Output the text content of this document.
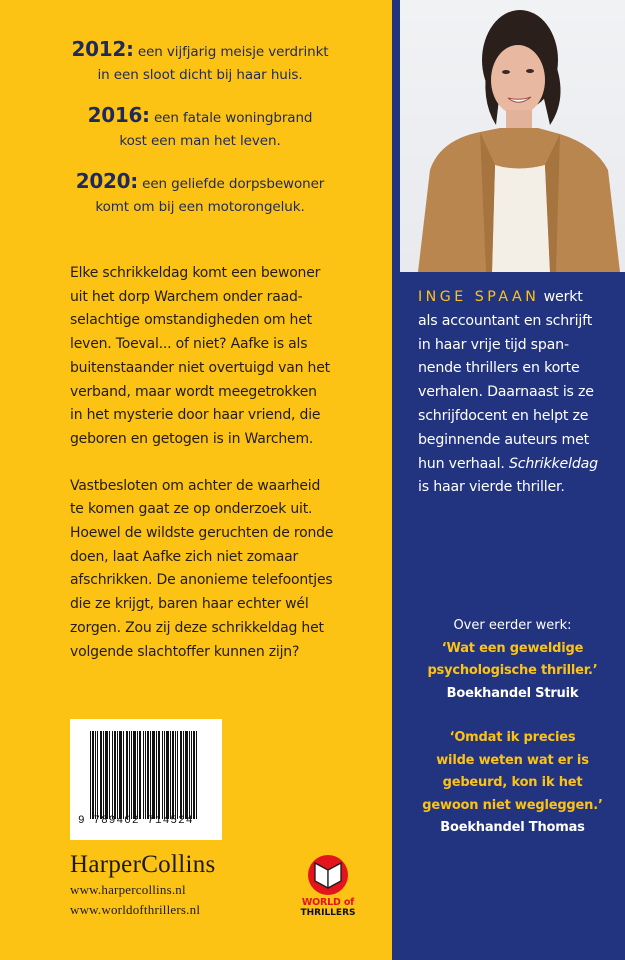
2012: een vijfjarig meisje verdrinkt
in een sloot dicht bij haar huis.
2016: een fatale woningbrand
kost een man het leven.
2020: een geliefde dorpsbewoner
komt om bij een motorongeluk.

Elke schrikkeldag komt een bewoner
uit het dorp Warchem onder raad-
selachtige omstandigheden om het
leven. Toeval... of niet? Aafke is als
buitenstaander niet overtuigd van het
verband, maar wordt meegetrokken
in het mysterie door haar vriend, die
geboren en getogen is in Warchem.

Vastbesloten om achter de waarheid
te komen gaat ze op onderzoek uit.
Hoewel de wildste geruchten de ronde
doen, laat Aafke zich niet zomaar
afschrikken. De anonieme telefoontjes
die ze krijgt, baren haar echter wél
zorgen. Zou zij deze schrikkeldag het
volgende slachtoffer kunnen zijn?

9 789402 714524
HarperCollins
www.harpercollins.nl
www.worldofthrillers.nl	WORLD of
THRILLERS
INGE SPAAN werkt
als accountant en schrijft
in haar vrije tijd span-
nende thrillers en korte
verhalen. Daarnaast is ze
schrijfdocent en helpt ze
beginnende auteurs met
hun verhaal. Schrikkeldag
is haar vierde thriller.
Over eerder werk:
‘Wat een geweldige
psychologische thriller.’
Boekhandel Struik
‘Omdat ik precies
wilde weten wat er is
gebeurd, kon ik het
gewoon niet wegleggen.’
Boekhandel Thomas
